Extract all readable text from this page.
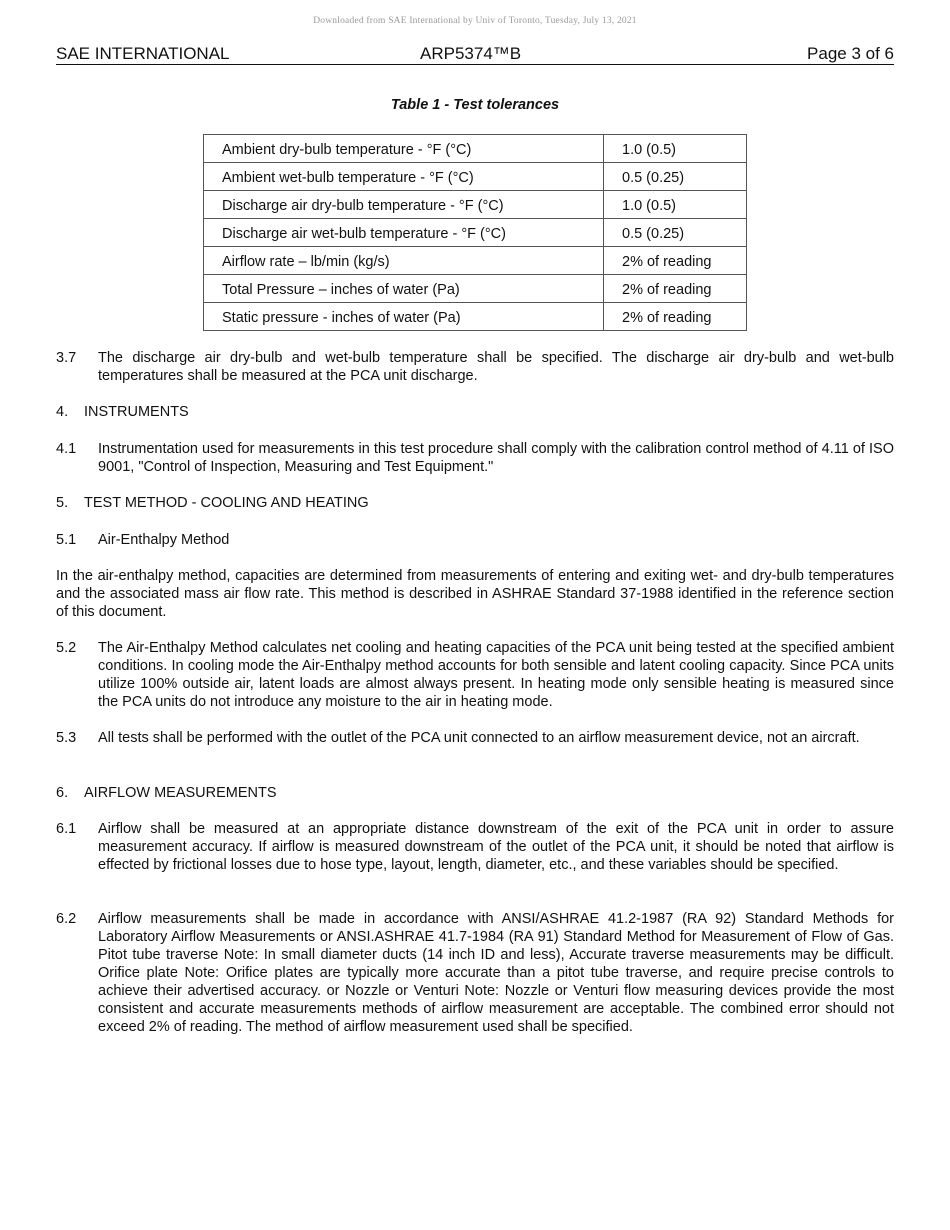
Downloaded from SAE International by Univ of Toronto, Tuesday, July 13, 2021
SAE INTERNATIONAL	ARP5374™B	Page 3 of 6
Table 1 - Test tolerances
Ambient dry-bulb temperature - °F (°C)	1.0 (0.5)
Ambient wet-bulb temperature - °F (°C)	0.5 (0.25)
Discharge air dry-bulb temperature - °F (°C)	1.0 (0.5)
Discharge air wet-bulb temperature - °F (°C)	0.5 (0.25)
Airflow rate – lb/min (kg/s)	2% of reading
Total Pressure – inches of water (Pa)	2% of reading
Static pressure - inches of water (Pa)	2% of reading
3.7 The discharge air dry-bulb and wet-bulb temperature shall be specified. The discharge air dry-bulb and wet-bulb temperatures shall be measured at the PCA unit discharge.
4. INSTRUMENTS
4.1 Instrumentation used for measurements in this test procedure shall comply with the calibration control method of 4.11 of ISO 9001, "Control of Inspection, Measuring and Test Equipment."
5. TEST METHOD - COOLING AND HEATING
5.1 Air-Enthalpy Method
In the air-enthalpy method, capacities are determined from measurements of entering and exiting wet- and dry-bulb temperatures and the associated mass air flow rate. This method is described in ASHRAE Standard 37-1988 identified in the reference section of this document.
5.2 The Air-Enthalpy Method calculates net cooling and heating capacities of the PCA unit being tested at the specified ambient conditions. In cooling mode the Air-Enthalpy method accounts for both sensible and latent cooling capacity. Since PCA units utilize 100% outside air, latent loads are almost always present. In heating mode only sensible heating is measured since the PCA units do not introduce any moisture to the air in heating mode.
5.3 All tests shall be performed with the outlet of the PCA unit connected to an airflow measurement device, not an aircraft.
6. AIRFLOW MEASUREMENTS
6.1 Airflow shall be measured at an appropriate distance downstream of the exit of the PCA unit in order to assure measurement accuracy. If airflow is measured downstream of the outlet of the PCA unit, it should be noted that airflow is effected by frictional losses due to hose type, layout, length, diameter, etc., and these variables should be specified.
6.2 Airflow measurements shall be made in accordance with ANSI/ASHRAE 41.2-1987 (RA 92) Standard Methods for Laboratory Airflow Measurements or ANSI.ASHRAE 41.7-1984 (RA 91) Standard Method for Measurement of Flow of Gas. Pitot tube traverse Note: In small diameter ducts (14 inch ID and less), Accurate traverse measurements may be difficult. Orifice plate Note: Orifice plates are typically more accurate than a pitot tube traverse, and require precise controls to achieve their advertised accuracy. or Nozzle or Venturi Note: Nozzle or Venturi flow measuring devices provide the most consistent and accurate measurements methods of airflow measurement are acceptable. The combined error should not exceed 2% of reading. The method of airflow measurement used shall be specified.
